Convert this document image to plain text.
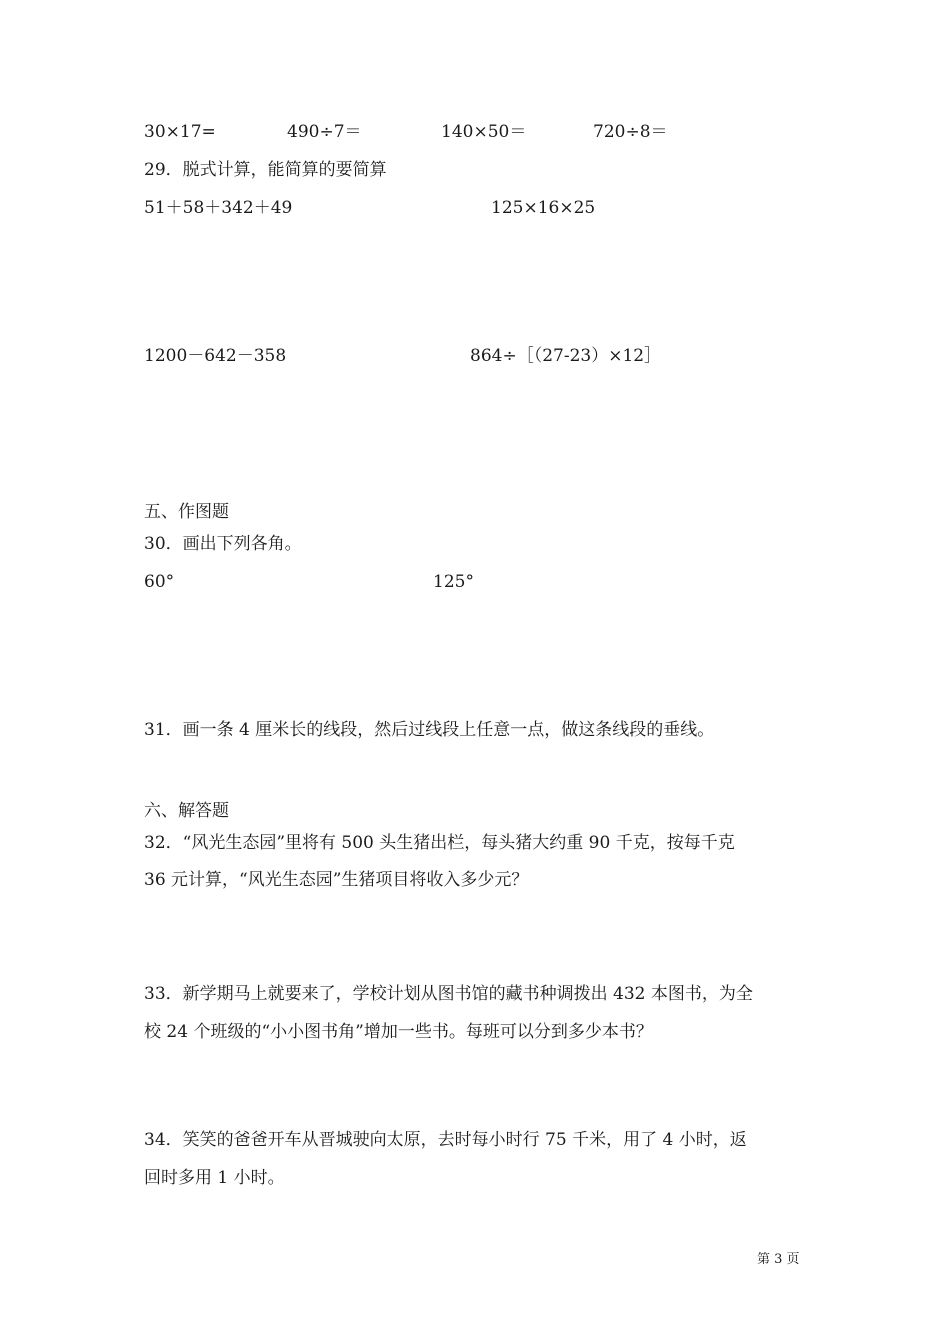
30×17=	490÷7＝	140×50＝	720÷8＝
29．脱式计算，能简算的要简算
51＋58＋342＋49	125×16×25
1200－642－358	864÷［（27-23）×12］
五、作图题
30．画出下列各角。
60°	125°
31．画一条 4 厘米长的线段，然后过线段上任意一点，做这条线段的垂线。
六、解答题
32．“风光生态园”里将有 500 头生猪出栏，每头猪大约重 90 千克，按每千克
36 元计算，“风光生态园”生猪项目将收入多少元？
33．新学期马上就要来了，学校计划从图书馆的藏书种调拨出 432 本图书，为全
校 24 个班级的“小小图书角”增加一些书。每班可以分到多少本书？
34．笑笑的爸爸开车从晋城驶向太原，去时每小时行 75 千米，用了 4 小时，返
回时多用 1 小时。
第 3 页
